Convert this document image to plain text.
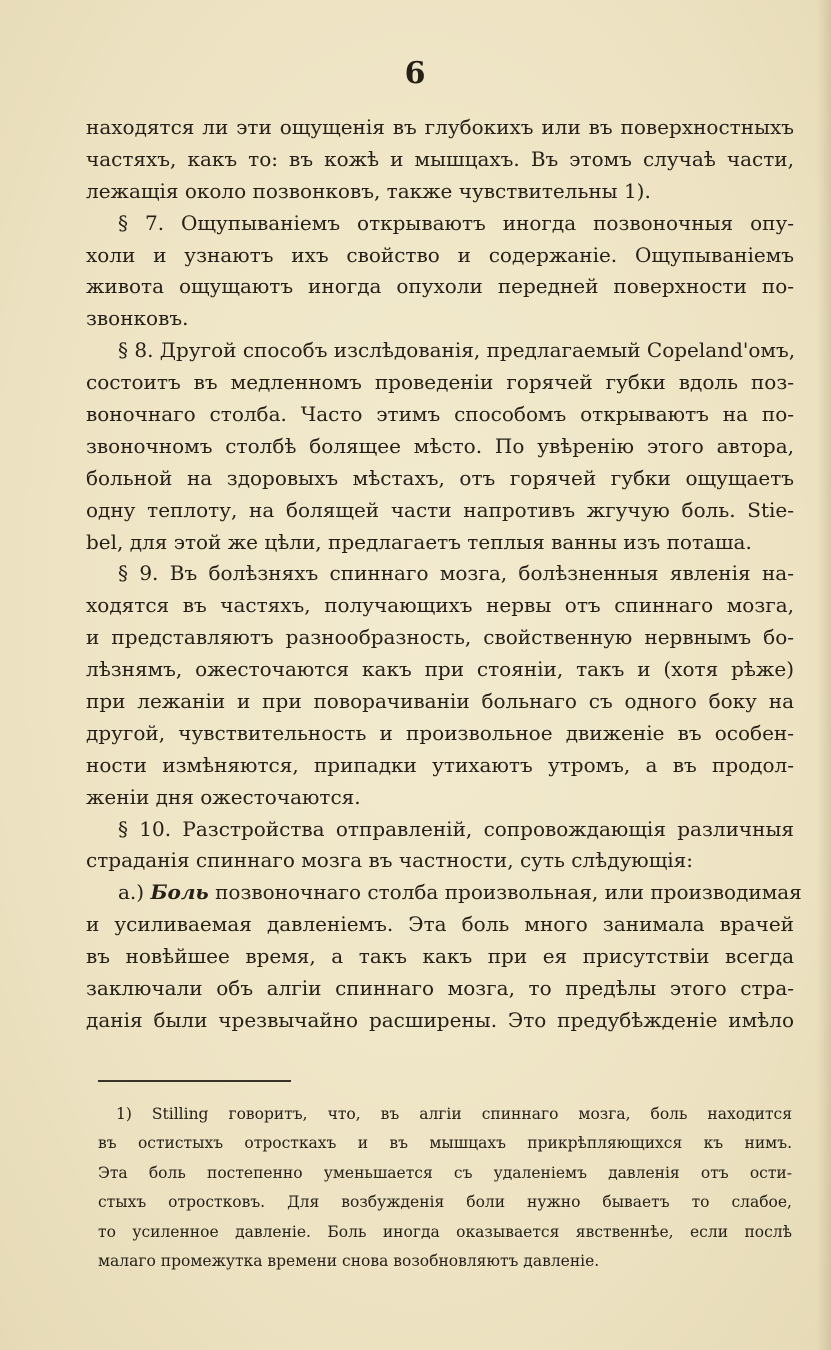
6
находятся ли эти ощущенія въ глубокихъ или въ поверхностныхъ
частяхъ, какъ то: въ кожѣ и мышцахъ. Въ этомъ случаѣ части,
лежащія около позвонковъ, также чувствительны 1).
§ 7. Ощупываніемъ открываютъ иногда позвоночныя опу-
холи и узнаютъ ихъ свойство и содержаніе. Ощупываніемъ
живота ощущаютъ иногда опухоли передней поверхности по-
звонковъ.
§ 8. Другой способъ изслѣдованія, предлагаемый Copeland'омъ,
состоитъ въ медленномъ проведеніи горячей губки вдоль поз-
воночнаго столба. Часто этимъ способомъ открываютъ на по-
звоночномъ столбѣ болящее мѣсто. По увѣренію этого автора,
больной на здоровыхъ мѣстахъ, отъ горячей губки ощущаетъ
одну теплоту, на болящей части напротивъ жгучую боль. Stie-
bel, для этой же цѣли, предлагаетъ теплыя ванны изъ поташа.
§ 9. Въ болѣзняхъ спиннаго мозга, болѣзненныя явленія на-
ходятся въ частяхъ, получающихъ нервы отъ спиннаго мозга,
и представляютъ разнообразность, свойственную нервнымъ бо-
лѣзнямъ, ожесточаются какъ при стояніи, такъ и (хотя рѣже)
при лежаніи и при поворачиваніи больнаго съ одного боку на
другой, чувствительность и произвольное движеніе въ особен-
ности измѣняются, припадки утихаютъ утромъ, а въ продол-
женіи дня ожесточаются.
§ 10. Разстройства отправленій, сопровождающія различныя
страданія спиннаго мозга въ частности, суть слѣдующія:
a.) Боль позвоночнаго столба произвольная, или производимая
и усиливаемая давленіемъ. Эта боль много занимала врачей
въ новѣйшее время, а такъ какъ при ея присутствіи всегда
заключали объ алгіи спиннаго мозга, то предѣлы этого стра-
данія были чрезвычайно расширены. Это предубѣжденіе имѣло
1) Stilling говоритъ, что, въ алгіи спиннаго мозга, боль находится
въ остистыхъ отросткахъ и въ мышцахъ прикрѣпляющихся къ нимъ.
Эта боль постепенно уменьшается съ удаленіемъ давленія отъ ости-
стыхъ отростковъ. Для возбужденія боли нужно бываетъ то слабое,
то усиленное давленіе. Боль иногда оказывается явственнѣе, если послѣ
малаго промежутка времени снова возобновляютъ давленіе.
